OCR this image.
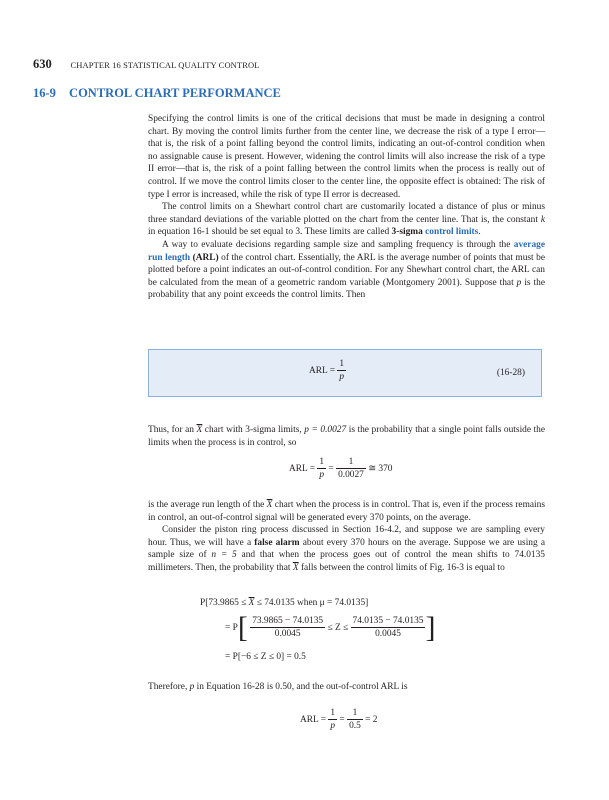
630 CHAPTER 16 STATISTICAL QUALITY CONTROL
16-9 CONTROL CHART PERFORMANCE

Specifying the control limits is one of the critical decisions that must be made in designing a control chart. By moving the control limits further from the center line, we decrease the risk of a type I error—that is, the risk of a point falling beyond the control limits, indicating an out-of-control condition when no assignable cause is present. However, widening the control limits will also increase the risk of a type II error—that is, the risk of a point falling between the control limits when the process is really out of control. If we move the control limits closer to the center line, the opposite effect is obtained: The risk of type I error is increased, while the risk of type II error is decreased.

The control limits on a Shewhart control chart are customarily located a distance of plus or minus three standard deviations of the variable plotted on the chart from the center line. That is, the constant k in equation 16-1 should be set equal to 3. These limits are called 3-sigma control limits.

A way to evaluate decisions regarding sample size and sampling frequency is through the average run length (ARL) of the control chart. Essentially, the ARL is the average number of points that must be plotted before a point indicates an out-of-control condition. For any Shewhart control chart, the ARL can be calculated from the mean of a geometric random variable (Montgomery 2001). Suppose that p is the probability that any point exceeds the control limits. Then

ARL = $\frac{1}{p}$	(16-28)

Thus, for an $\overline{X}$ chart with 3-sigma limits, p = 0.0027 is the probability that a single point falls outside the limits when the process is in control, so

ARL = $\frac{1}{p} = \frac{1}{0.0027}$ ≅ 370

is the average run length of the $\overline{X}$ chart when the process is in control. That is, even if the process remains in control, an out-of-control signal will be generated every 370 points, on the average.

Consider the piston ring process discussed in Section 16-4.2, and suppose we are sampling every hour. Thus, we will have a false alarm about every 370 hours on the average. Suppose we are using a sample size of n = 5 and that when the process goes out of control the mean shifts to 74.0135 millimeters. Then, the probability that $\overline{X}$ falls between the control limits of Fig. 16-3 is equal to

$P[73.9865 \le \overline{X} \le 74.0135$ when μ = 74.0135]
= $P[ \frac{73.9865 - 74.0135}{0.0045} \le Z \le \frac{74.0135 - 74.0135}{0.0045}$ ]
= P[−6 ≤ Z ≤ 0] = 0.5

Therefore, p in Equation 16-28 is 0.50, and the out-of-control ARL is

ARL = $\frac{1}{p} = \frac{1}{0.5} = 2$
